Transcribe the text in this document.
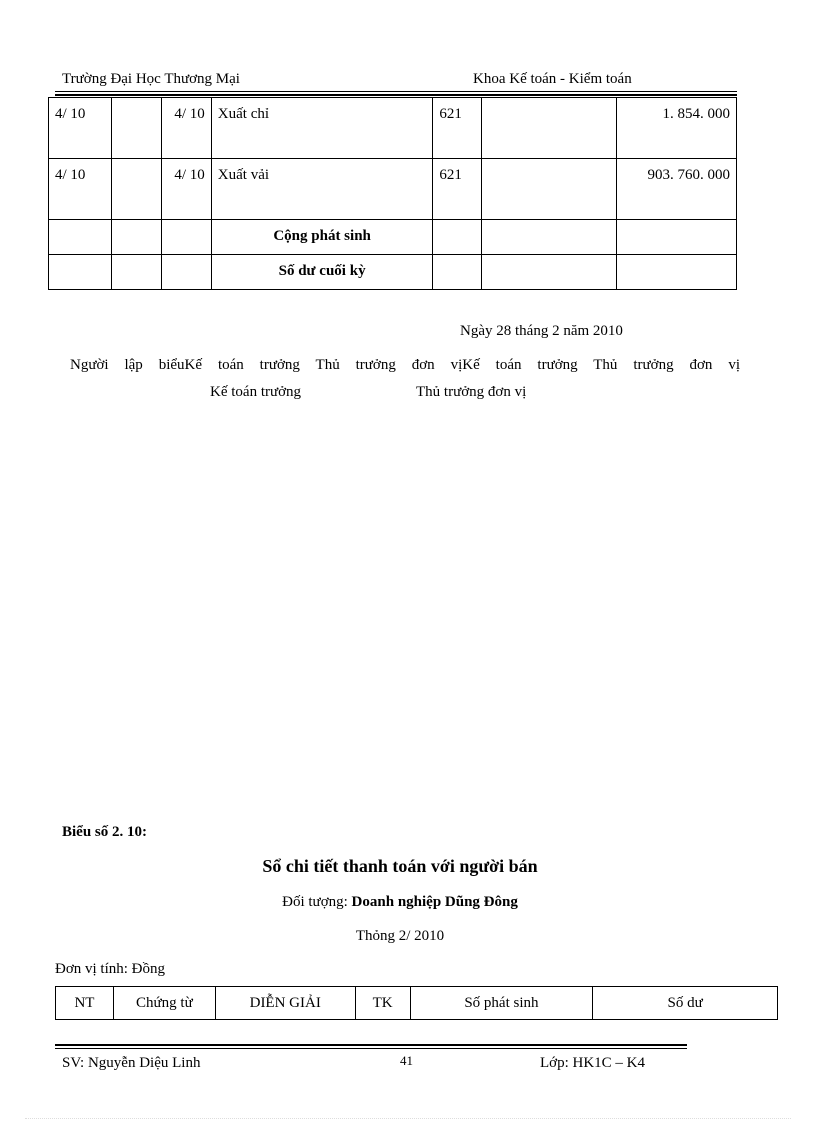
Trường Đại Học Thương Mại	Khoa Kế toán - Kiểm toán
4/ 10		4/ 10	Xuất chỉ	621		1. 854. 000
4/ 10		4/ 10	Xuất vải	621		903. 760. 000
			Cộng phát sinh			
			Số dư cuối kỳ			
Ngày 28 tháng 2 năm 2010
Người lập biểuKế toán trưởng Thủ trưởng đơn vịKế toán trưởng Thủ trưởng đơn vị
Kế toán trưởng	Thủ trưởng đơn vị
Biểu số 2. 10:
Sổ chi tiết thanh toán với người bán
Đối tượng: Doanh nghiệp Dũng Đông
Thỏng 2/ 2010
Đơn vị tính: Đồng
NT	Chứng từ	DIỄN GIẢI	TK	Số phát sinh	Số dư
SV: Nguyễn Diệu Linh	41	Lớp: HK1C – K4
